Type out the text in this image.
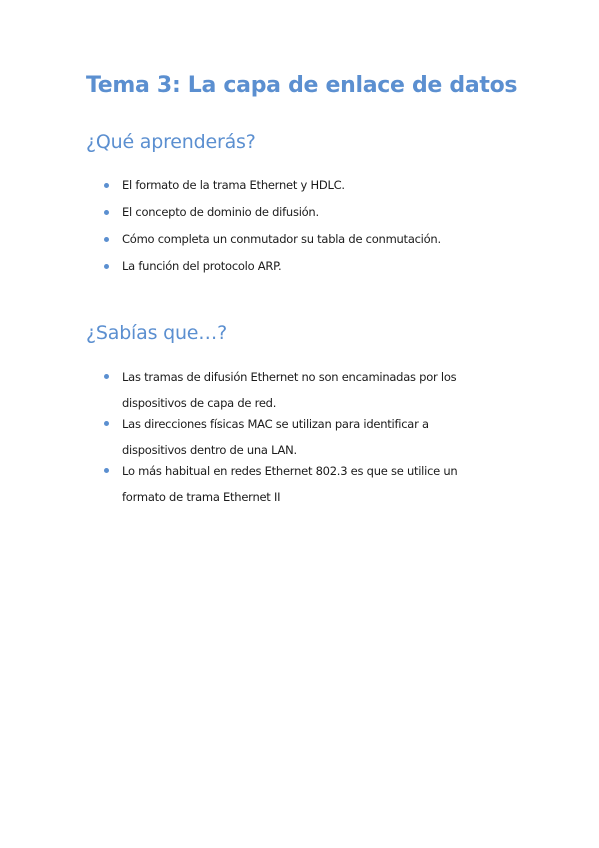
Tema 3: La capa de enlace de datos
¿Qué aprenderás?
El formato de la trama Ethernet y HDLC.
El concepto de dominio de difusión.
Cómo completa un conmutador su tabla de conmutación.
La función del protocolo ARP.
¿Sabías que…?
Las tramas de difusión Ethernet no son encaminadas por los dispositivos de capa de red.
Las direcciones físicas MAC se utilizan para identificar a dispositivos dentro de una LAN.
Lo más habitual en redes Ethernet 802.3 es que se utilice un formato de trama Ethernet II
